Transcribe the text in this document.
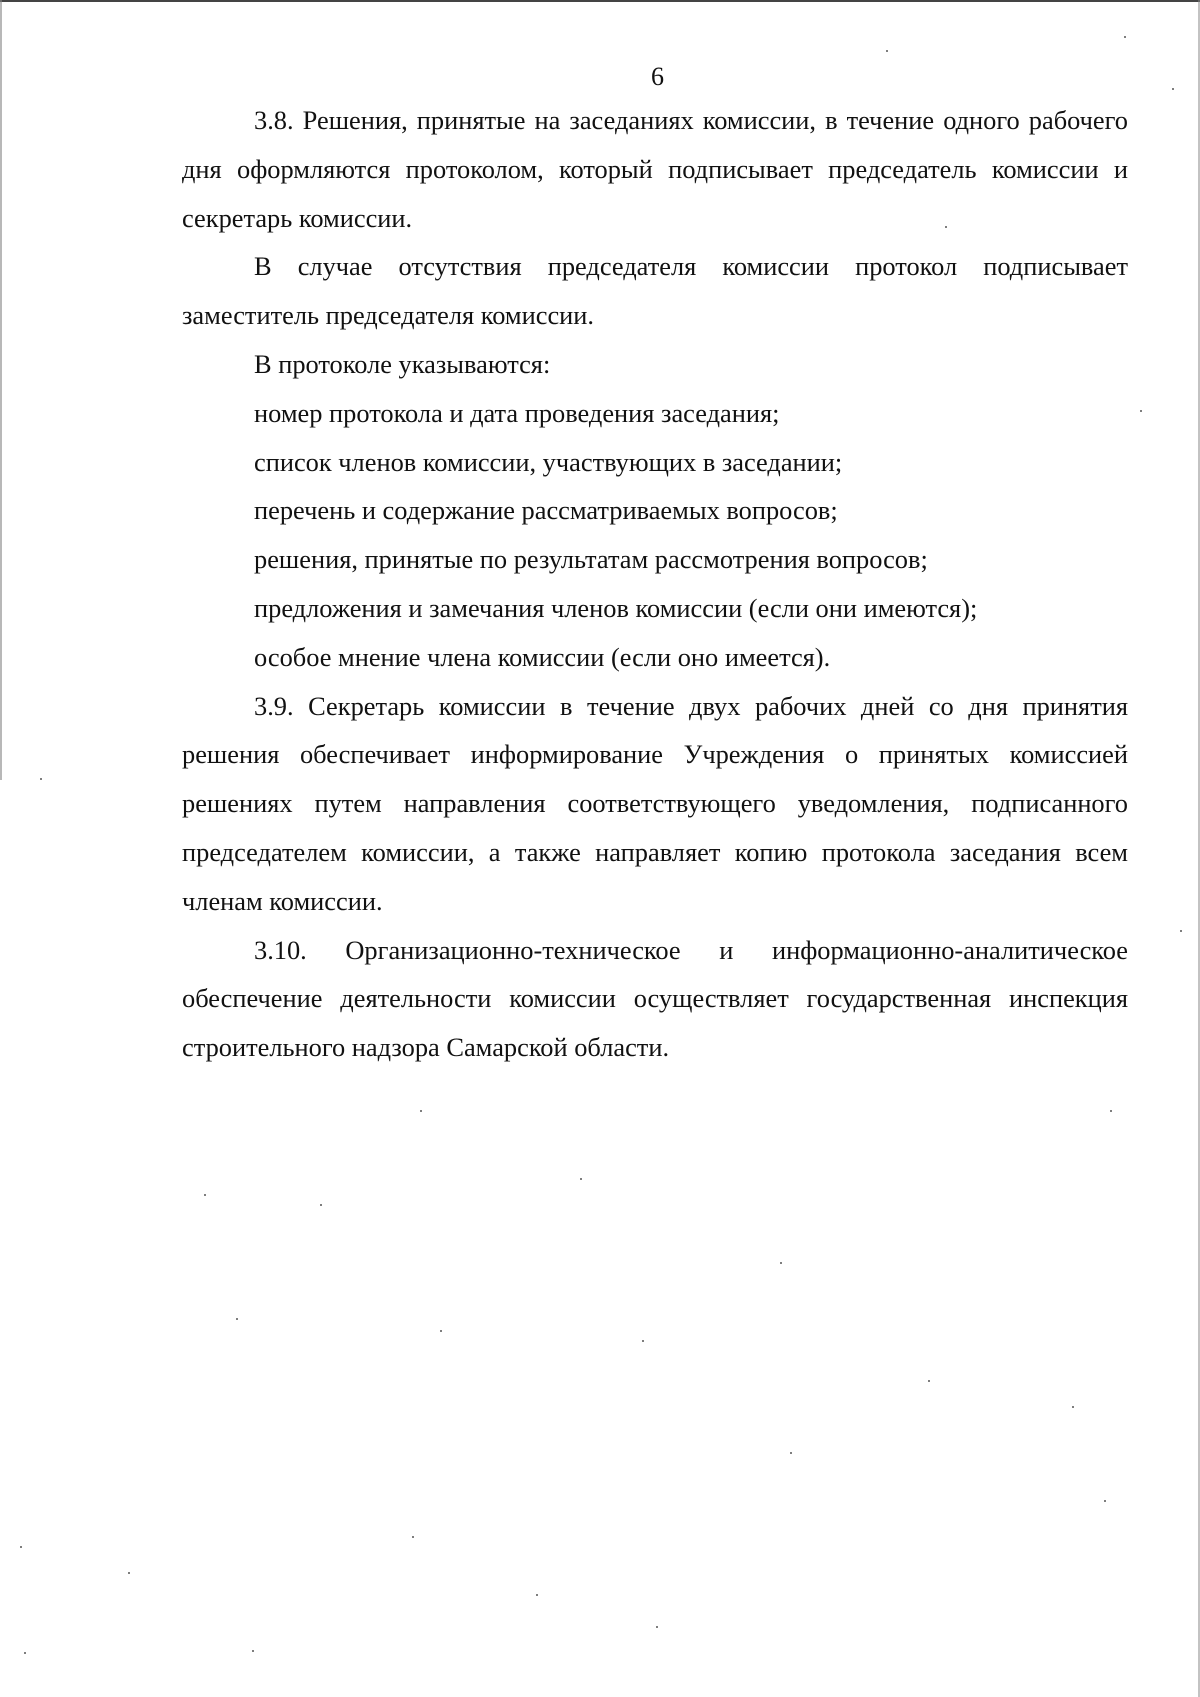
6

3.8. Решения, принятые на заседаниях комиссии, в течение одного рабочего дня оформляются протоколом, который подписывает председатель комиссии и секретарь комиссии.

В случае отсутствия председателя комиссии протокол подписывает заместитель председателя комиссии.

В протоколе указываются:

номер протокола и дата проведения заседания;

список членов комиссии, участвующих в заседании;

перечень и содержание рассматриваемых вопросов;

решения, принятые по результатам рассмотрения вопросов;

предложения и замечания членов комиссии (если они имеются);

особое мнение члена комиссии (если оно имеется).

3.9. Секретарь комиссии в течение двух рабочих дней со дня принятия решения обеспечивает информирование Учреждения о принятых комиссией решениях путем направления соответствующего уведомления, подписанного председателем комиссии, а также направляет копию протокола заседания всем членам комиссии.

3.10. Организационно-техническое и информационно-аналитическое обеспечение деятельности комиссии осуществляет государственная инспекция строительного надзора Самарской области.
